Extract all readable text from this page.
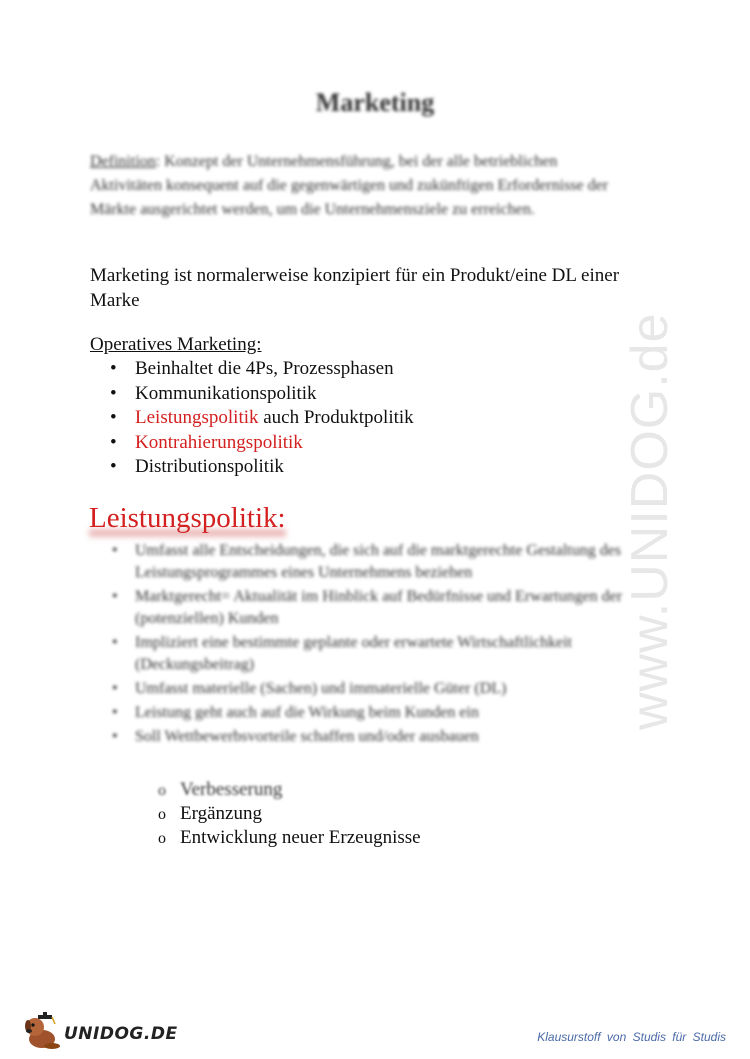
www.UNIDOG.de
Marketing
Definition: Konzept der Unternehmensführung, bei der alle betrieblichen Aktivitäten konsequent auf die gegenwärtigen und zukünftigen Erfordernisse der Märkte ausgerichtet werden, um die Unternehmensziele zu erreichen.
Marketing ist normalerweise konzipiert für ein Produkt/eine DL einer Marke
Operatives Marketing:
• Beinhaltet die 4Ps, Prozessphasen
• Kommunikationspolitik
• Leistungspolitik auch Produktpolitik
• Kontrahierungspolitik
• Distributionspolitik
Leistungspolitik:
• Umfasst alle Entscheidungen, die sich auf die marktgerechte Gestaltung des Leistungsprogrammes eines Unternehmens beziehen
• Marktgerecht= Aktualität im Hinblick auf Bedürfnisse und Erwartungen der (potenziellen) Kunden
• Impliziert eine bestimmte geplante oder erwartete Wirtschaftlichkeit (Deckungsbeitrag)
• Umfasst materielle (Sachen) und immaterielle Güter (DL)
• Leistung geht auch auf die Wirkung beim Kunden ein
• Soll Wettbewerbsvorteile schaffen und/oder ausbauen
o Verbesserung
o Ergänzung
o Entwicklung neuer Erzeugnisse
UNIDOG.DE	Klausurstoff von Studis für Studis
